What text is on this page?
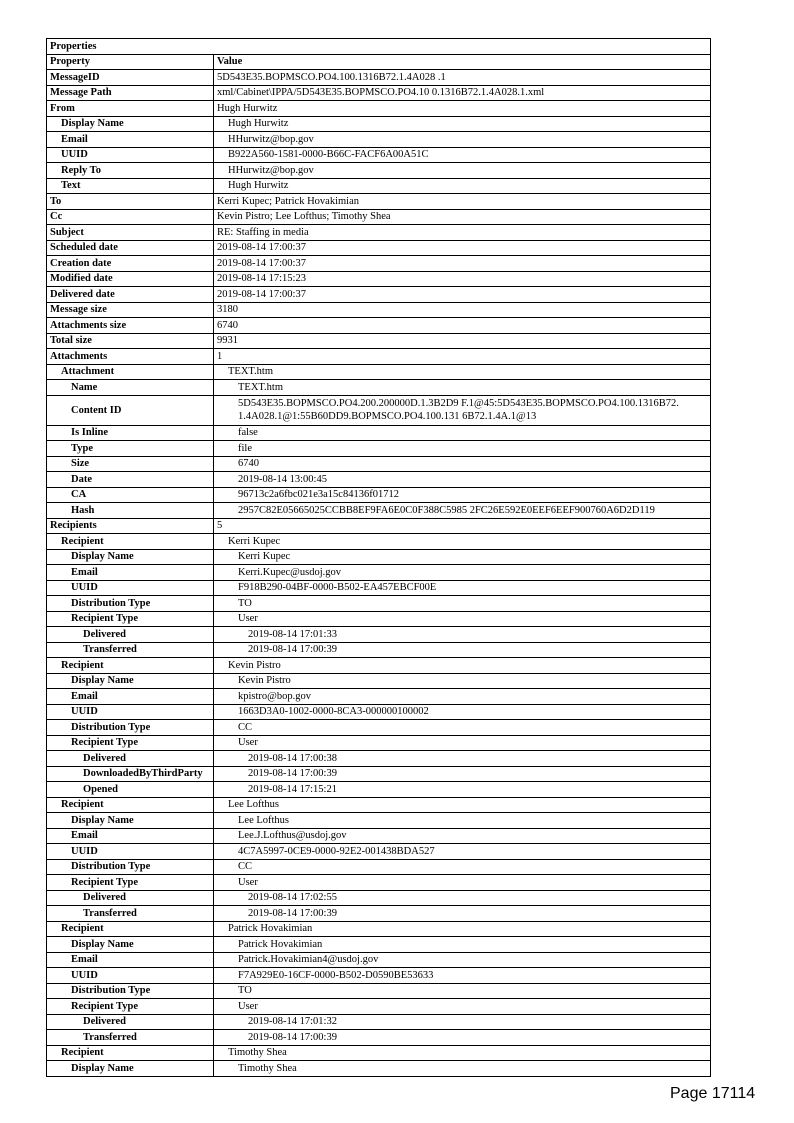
Properties	
Property	Value
MessageID	5D543E35.BOPMSCO.PO4.100.1316B72.1.4A028 .1
Message Path	xml/Cabinet\IPPA/5D543E35.BOPMSCO.PO4.10 0.1316B72.1.4A028.1.xml
From	Hugh Hurwitz
Display Name	Hugh Hurwitz
Email	HHurwitz@bop.gov
UUID	B922A560-1581-0000-B66C-FACF6A00A51C
Reply To	HHurwitz@bop.gov
Text	Hugh Hurwitz
To	Kerri Kupec; Patrick Hovakimian
Cc	Kevin Pistro; Lee Lofthus; Timothy Shea
Subject	RE: Staffing in media
Scheduled date	2019-08-14 17:00:37
Creation date	2019-08-14 17:00:37
Modified date	2019-08-14 17:15:23
Delivered date	2019-08-14 17:00:37
Message size	3180
Attachments size	6740
Total size	9931
Attachments	1
Attachment	TEXT.htm
Name	TEXT.htm
Content ID	5D543E35.BOPMSCO.PO4.200.200000D.1.3B2D9 F.1@45:5D543E35.BOPMSCO.PO4.100.1316B72. 1.4A028.1@1:55B60DD9.BOPMSCO.PO4.100.131 6B72.1.4A.1@13
Is Inline	false
Type	file
Size	6740
Date	2019-08-14 13:00:45
CA	96713c2a6fbc021e3a15c84136f01712
Hash	2957C82E05665025CCBB8EF9FA6E0C0F388C5985 2FC26E592E0EEF6EEF900760A6D2D119
Recipients	5
Recipient	Kerri Kupec
Display Name	Kerri Kupec
Email	Kerri.Kupec@usdoj.gov
UUID	F918B290-04BF-0000-B502-EA457EBCF00E
Distribution Type	TO
Recipient Type	User
Delivered	2019-08-14 17:01:33
Transferred	2019-08-14 17:00:39
Recipient	Kevin Pistro
Display Name	Kevin Pistro
Email	kpistro@bop.gov
UUID	1663D3A0-1002-0000-8CA3-000000100002
Distribution Type	CC
Recipient Type	User
Delivered	2019-08-14 17:00:38
DownloadedByThirdParty	2019-08-14 17:00:39
Opened	2019-08-14 17:15:21
Recipient	Lee Lofthus
Display Name	Lee Lofthus
Email	Lee.J.Lofthus@usdoj.gov
UUID	4C7A5997-0CE9-0000-92E2-001438BDA527
Distribution Type	CC
Recipient Type	User
Delivered	2019-08-14 17:02:55
Transferred	2019-08-14 17:00:39
Recipient	Patrick Hovakimian
Display Name	Patrick Hovakimian
Email	Patrick.Hovakimian4@usdoj.gov
UUID	F7A929E0-16CF-0000-B502-D0590BE53633
Distribution Type	TO
Recipient Type	User
Delivered	2019-08-14 17:01:32
Transferred	2019-08-14 17:00:39
Recipient	Timothy Shea
Display Name	Timothy Shea
Page 17114
